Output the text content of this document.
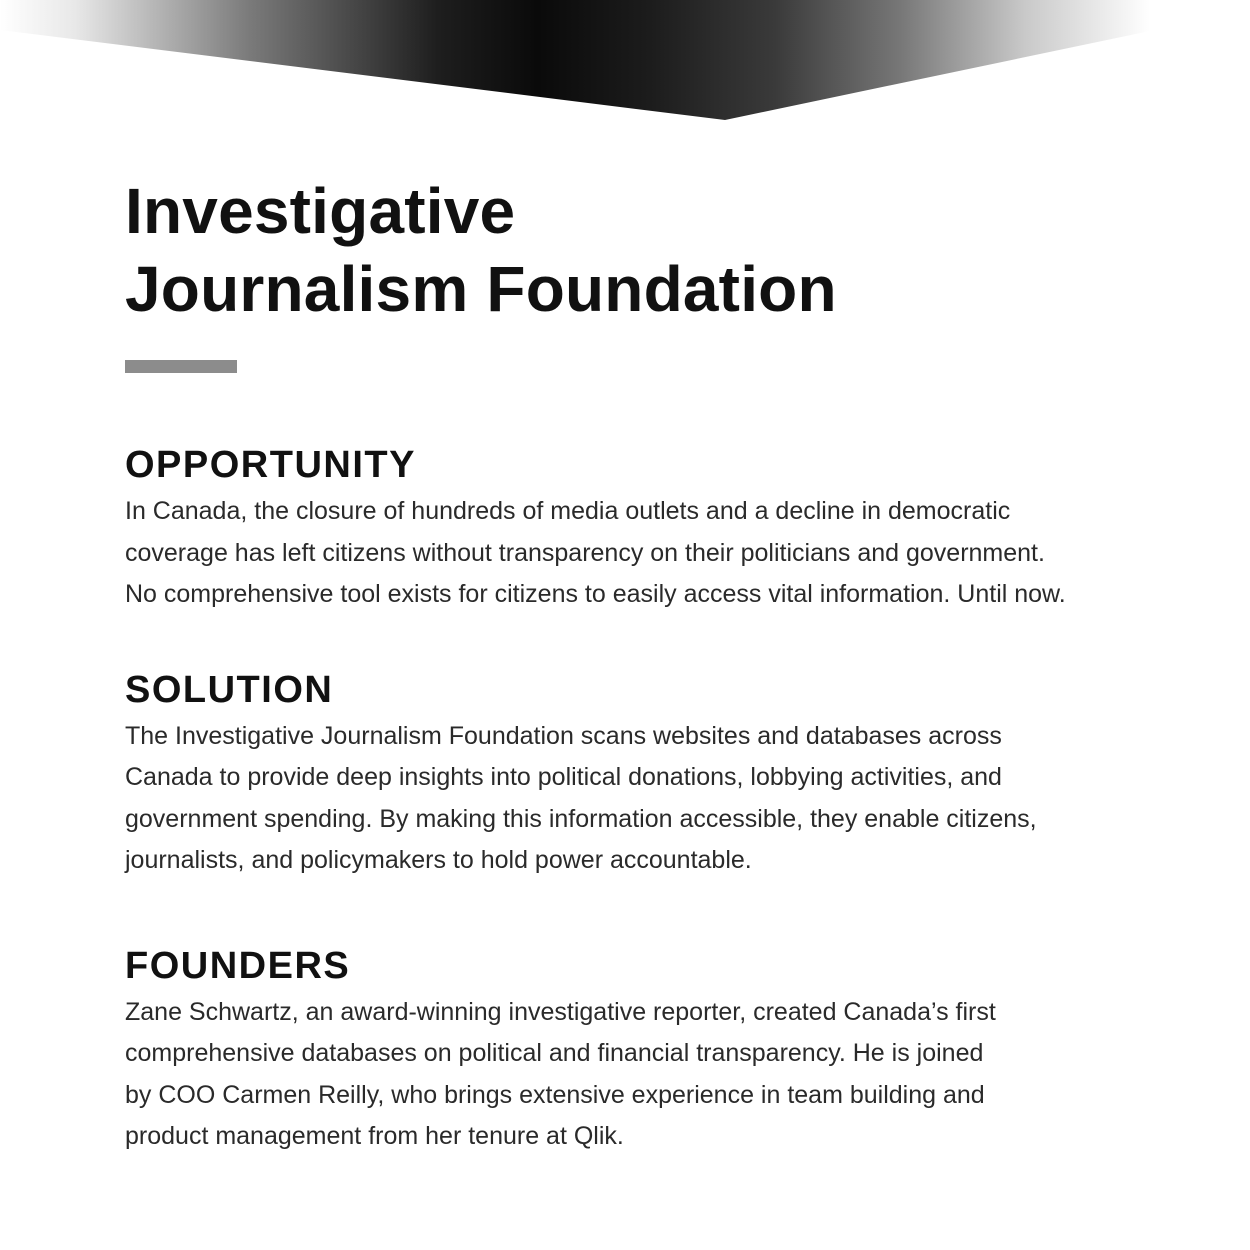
Investigative
Journalism Foundation
OPPORTUNITY

In Canada, the closure of hundreds of media outlets and a decline in democratic
coverage has left citizens without transparency on their politicians and government.
No comprehensive tool exists for citizens to easily access vital information. Until now.

SOLUTION

The Investigative Journalism Foundation scans websites and databases across
Canada to provide deep insights into political donations, lobbying activities, and
government spending. By making this information accessible, they enable citizens,
journalists, and policymakers to hold power accountable.

FOUNDERS

Zane Schwartz, an award-winning investigative reporter, created Canada’s first
comprehensive databases on political and financial transparency. He is joined
by COO Carmen Reilly, who brings extensive experience in team building and
product management from her tenure at Qlik.
